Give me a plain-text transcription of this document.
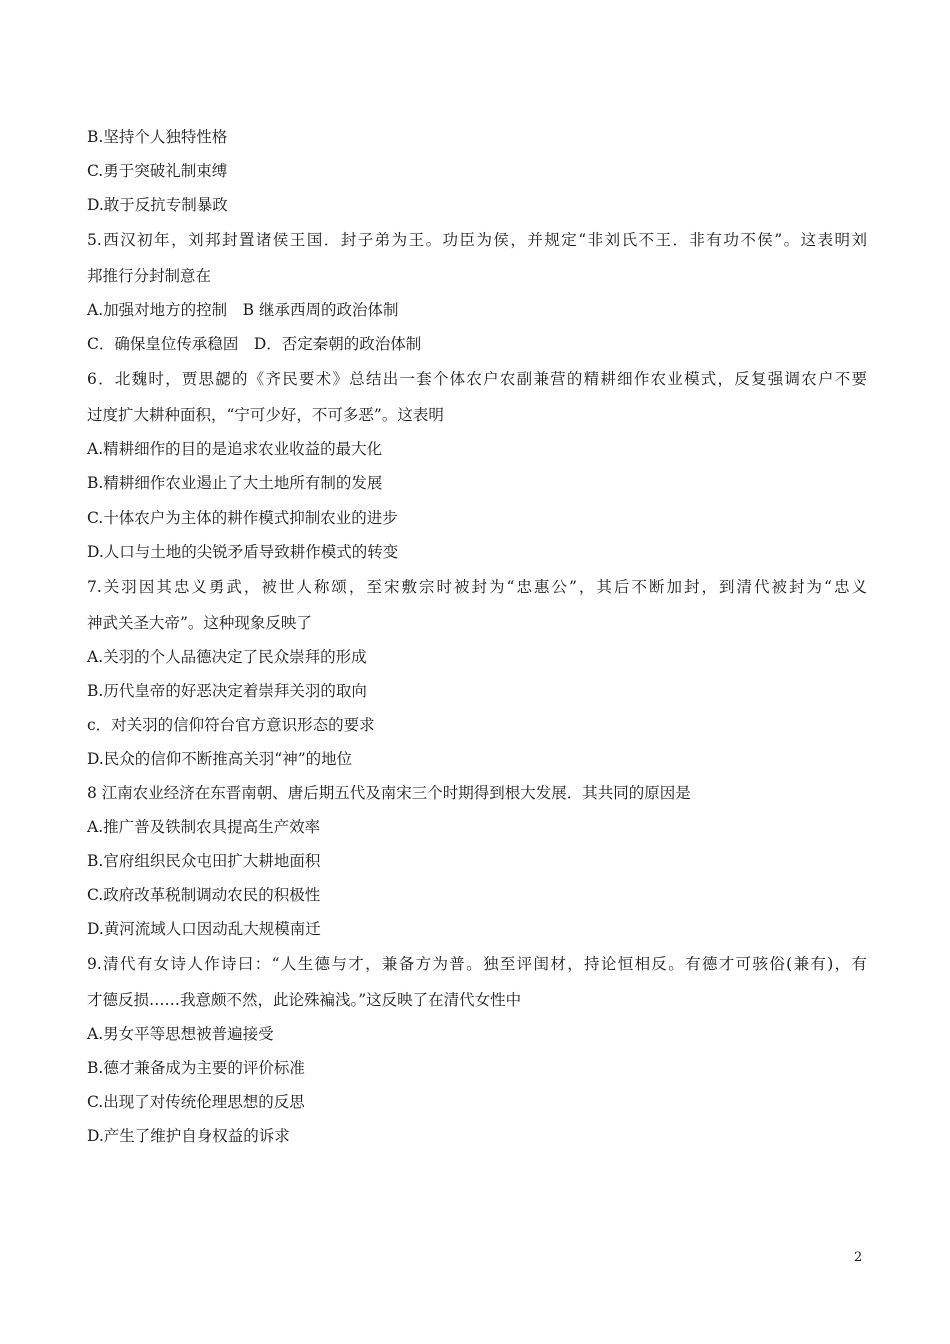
B.坚持个人独特性格
C.勇于突破礼制束缚
D.敢于反抗专制暴政
5.西汉初年，刘邦封置诸侯王国．封子弟为王。功臣为侯，并规定“非刘氏不王．非有功不侯”。这表明刘
邦推行分封制意在
A.加强对地方的控制　B 继承西周的政治体制
C．确保皇位传承稳固　D．否定秦朝的政治体制
6．北魏时，贾思勰的《齐民要术》总结出一套个体农户农副兼营的精耕细作农业模式，反复强调农户不要
过度扩大耕种面积，“宁可少好，不可多恶”。这表明
A.精耕细作的目的是追求农业收益的最大化
B.精耕细作农业遏止了大土地所有制的发展
C.十体农户为主体的耕作模式抑制农业的进步
D.人口与土地的尖锐矛盾导致耕作模式的转变
7.关羽因其忠义勇武，被世人称颂，至宋敷宗时被封为“忠惠公”，其后不断加封，到清代被封为“忠义
神武关圣大帝”。这种现象反映了
A.关羽的个人品德决定了民众崇拜的形成
B.历代皇帝的好恶决定着崇拜关羽的取向
c．对关羽的信仰符台官方意识形态的要求
D.民众的信仰不断推高关羽“神”的地位
8 江南农业经济在东晋南朝、唐后期五代及南宋三个时期得到根大发展．其共同的原因是
A.推广普及铁制农具提高生产效率
B.官府组织民众屯田扩大耕地面积
C.政府改革税制调动农民的积极性
D.黄河流域人口因动乱大规模南迁
9.清代有女诗人作诗曰：“人生德与才，兼备方为普。独至评闺材，持论恒相反。有德才可骇俗(兼有)，有
才德反损……我意颇不然，此论殊褊浅。”这反映了在清代女性中
A.男女平等思想被普遍接受
B.德才兼备成为主要的评价标准
C.出现了对传统伦理思想的反思
D.产生了维护自身权益的诉求
2
